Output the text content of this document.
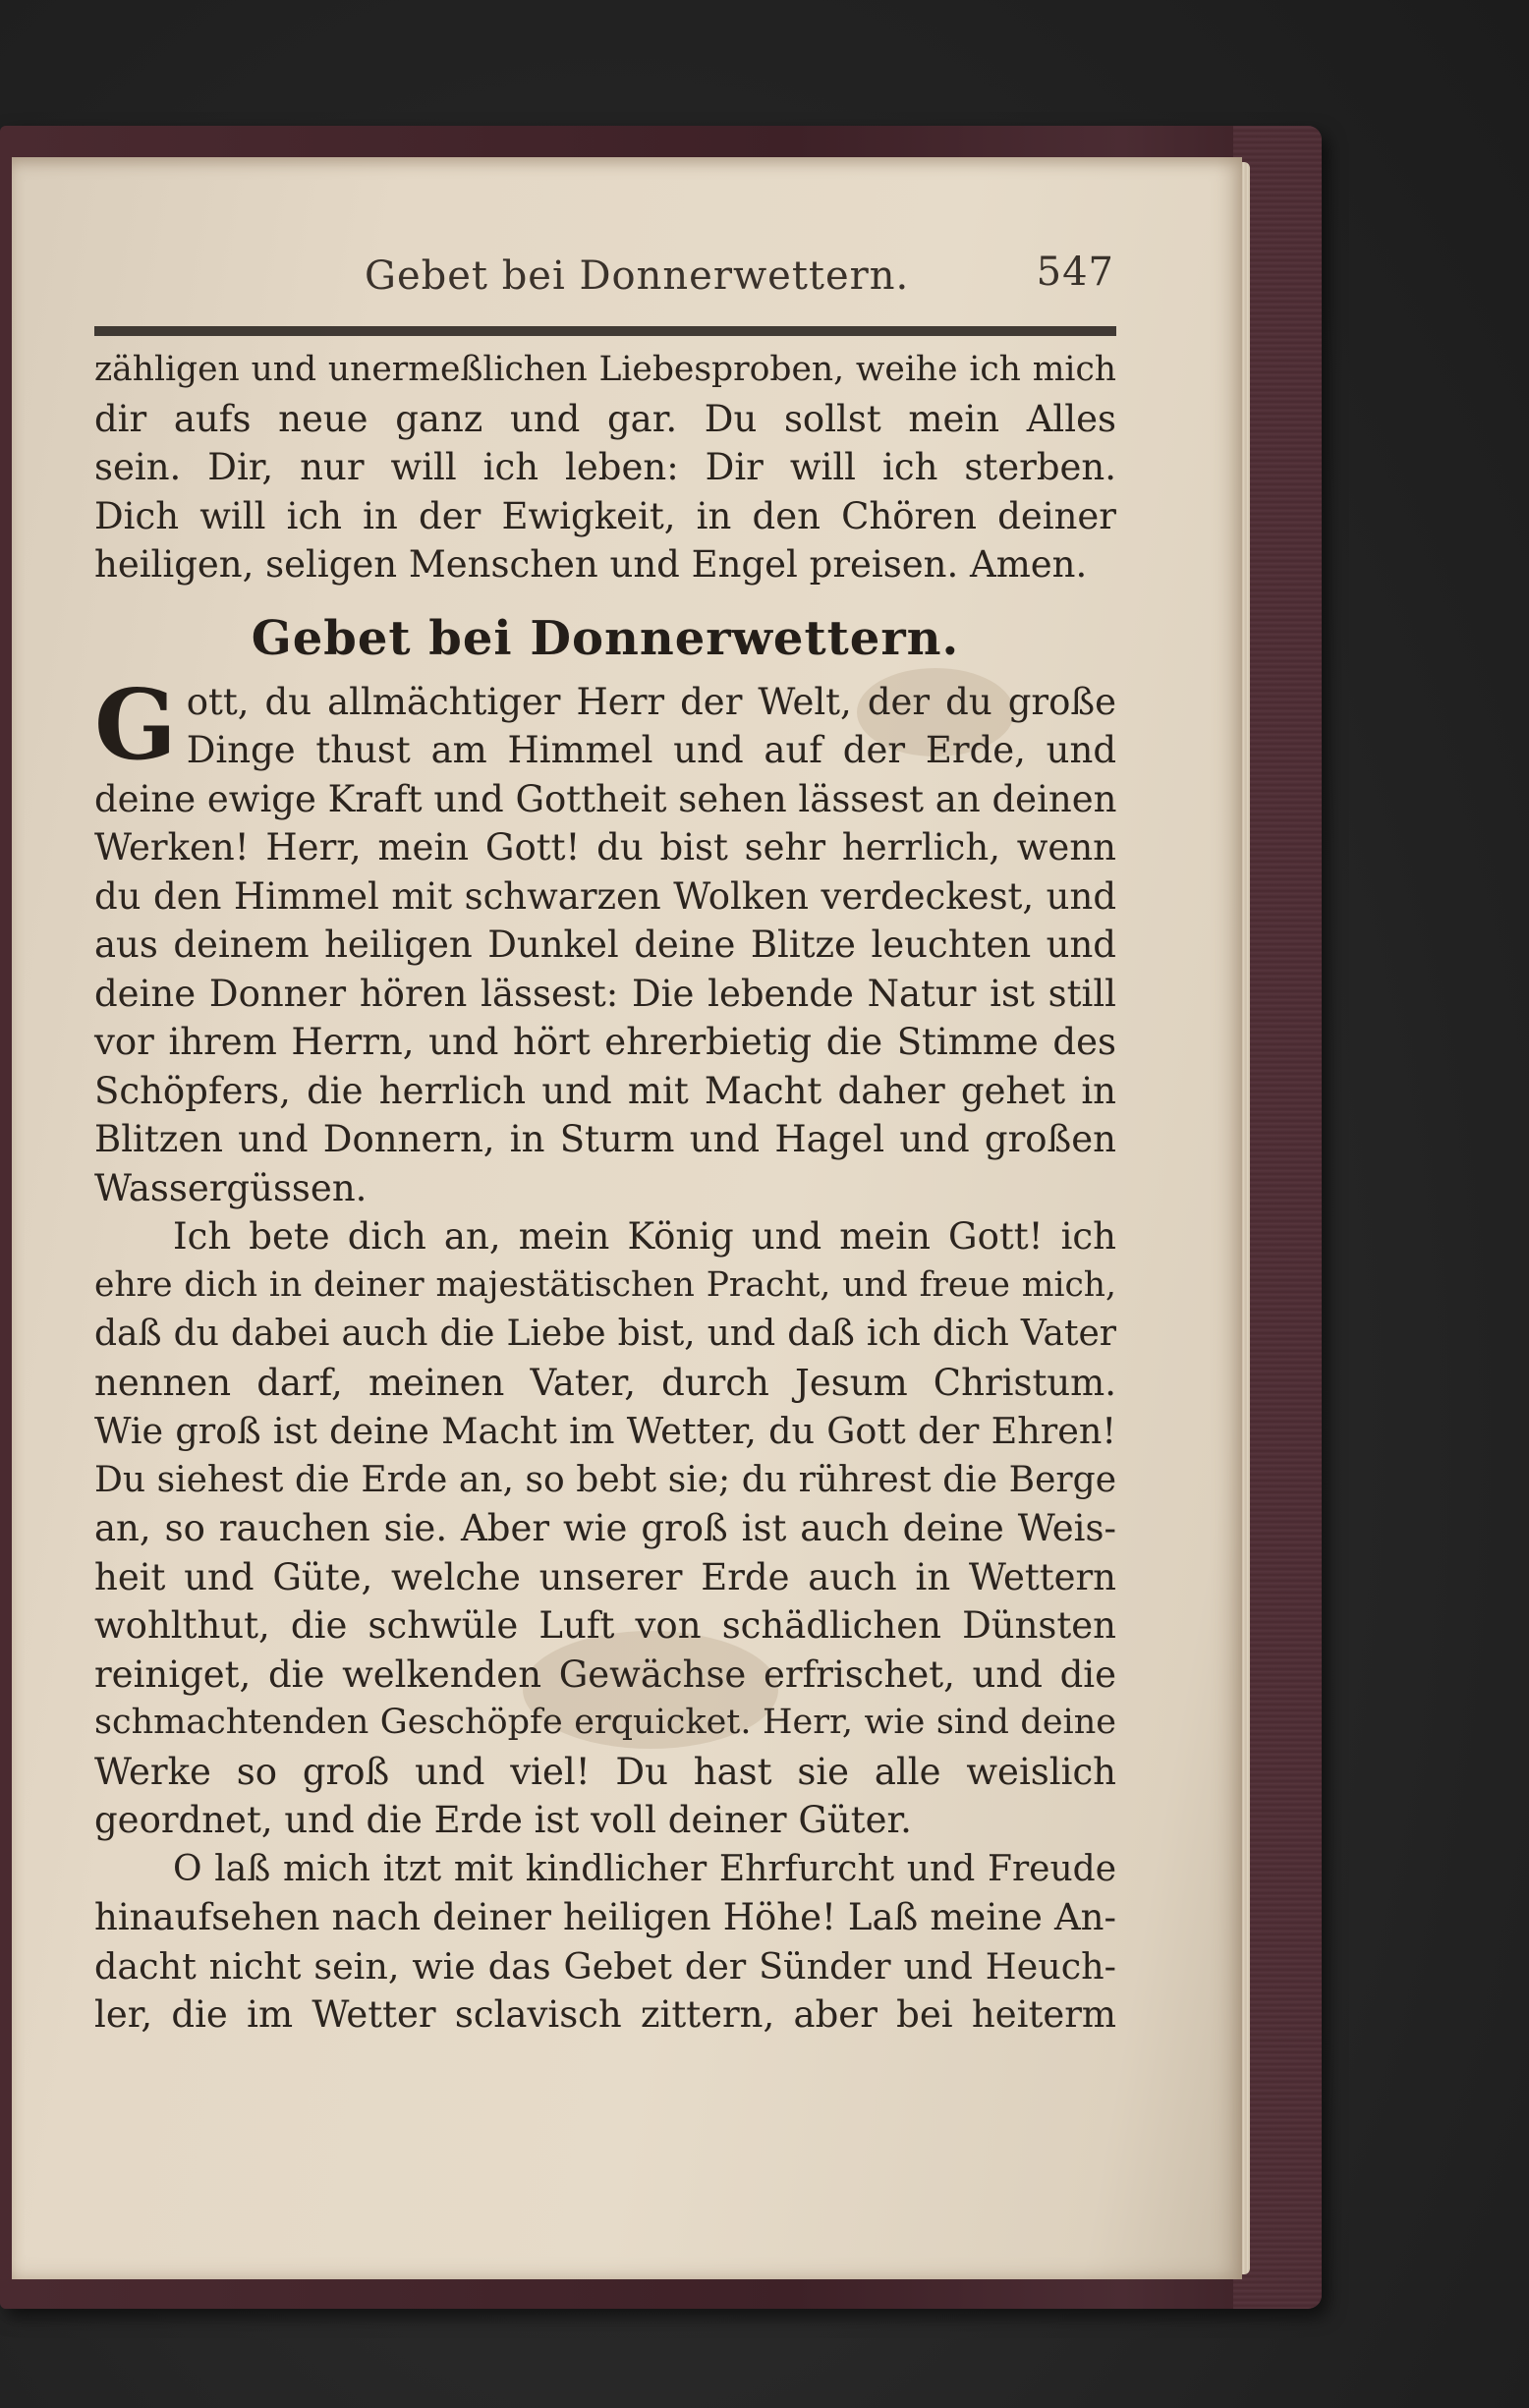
Gebet bei Donnerwettern.	547

zähligen und unermeßlichen Liebesproben, weihe ich mich
dir aufs neue ganz und gar. Du sollst mein Alles
sein. Dir, nur will ich leben: Dir will ich sterben.
Dich will ich in der Ewigkeit, in den Chören deiner
heiligen, seligen Menschen und Engel preisen. Amen.

Gebet bei Donnerwettern.
G ott, du allmächtiger Herr der Welt, der du große
Dinge thust am Himmel und auf der Erde, und
deine ewige Kraft und Gottheit sehen lässest an deinen
Werken! Herr, mein Gott! du bist sehr herrlich, wenn
du den Himmel mit schwarzen Wolken verdeckest, und
aus deinem heiligen Dunkel deine Blitze leuchten und
deine Donner hören lässest: Die lebende Natur ist still
vor ihrem Herrn, und hört ehrerbietig die Stimme des
Schöpfers, die herrlich und mit Macht daher gehet in
Blitzen und Donnern, in Sturm und Hagel und großen
Wassergüssen.

Ich bete dich an, mein König und mein Gott! ich
ehre dich in deiner majestätischen Pracht, und freue mich,
daß du dabei auch die Liebe bist, und daß ich dich Vater
nennen darf, meinen Vater, durch Jesum Christum.
Wie groß ist deine Macht im Wetter, du Gott der Ehren!
Du siehest die Erde an, so bebt sie; du rührest die Berge
an, so rauchen sie. Aber wie groß ist auch deine Weis-
heit und Güte, welche unserer Erde auch in Wettern
wohlthut, die schwüle Luft von schädlichen Dünsten
reiniget, die welkenden Gewächse erfrischet, und die
schmachtenden Geschöpfe erquicket. Herr, wie sind deine
Werke so groß und viel! Du hast sie alle weislich
geordnet, und die Erde ist voll deiner Güter.

O laß mich itzt mit kindlicher Ehrfurcht und Freude
hinaufsehen nach deiner heiligen Höhe! Laß meine An-
dacht nicht sein, wie das Gebet der Sünder und Heuch-
ler, die im Wetter sclavisch zittern, aber bei heiterm
